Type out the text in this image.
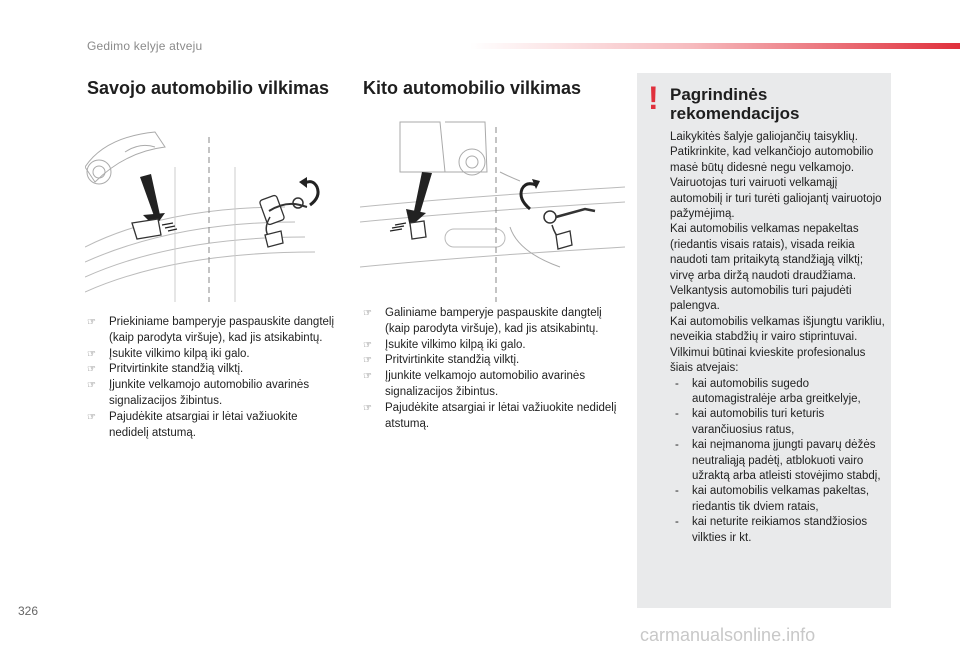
Gedimo kelyje atveju
Savojo automobilio vilkimas Kito automobilio vilkimas
☞ Priekiniame bamperyje paspauskite dangtelį (kaip parodyta viršuje), kad jis atsikabintų.
☞ Įsukite vilkimo kilpą iki galo.
☞ Pritvirtinkite standžią vilktį.
☞ Įjunkite velkamojo automobilio avarinės signalizacijos žibintus.
☞ Pajudėkite atsargiai ir lėtai važiuokite nedidelį atstumą.
☞ Galiniame bamperyje paspauskite dangtelį (kaip parodyta viršuje), kad jis atsikabintų.
☞ Įsukite vilkimo kilpą iki galo.
☞ Pritvirtinkite standžią vilktį.
☞ Įjunkite velkamojo automobilio avarinės signalizacijos žibintus.
☞ Pajudėkite atsargiai ir lėtai važiuokite nedidelį atstumą.
! Pagrindinės
rekomendacijos

Laikykitės šalyje galiojančių taisyklių.

Patikrinkite, kad velkančiojo automobilio masė būtų didesnė negu velkamojo.

Vairuotojas turi vairuoti velkamąjį automobilį ir turi turėti galiojantį vairuotojo pažymėjimą.

Kai automobilis velkamas nepakeltas (riedantis visais ratais), visada reikia naudoti tam pritaikytą standžiąją vilktį; virvę arba diržą naudoti draudžiama.

Velkantysis automobilis turi pajudėti palengva.

Kai automobilis velkamas išjungtu varikliu, neveikia stabdžių ir vairo stiprintuvai.

Vilkimui būtinai kvieskite profesionalus šiais atvejais:

- kai automobilis sugedo automagistralėje arba greitkelyje,
- kai automobilis turi keturis varančiuosius ratus,
- kai neįmanoma įjungti pavarų dėžės neutraliąją padėtį, atblokuoti vairo užraktą arba atleisti stovėjimo stabdį,
- kai automobilis velkamas pakeltas, riedantis tik dviem ratais,
- kai neturite reikiamos standžiosios vilkties ir kt.
326
carmanualsonline.info
